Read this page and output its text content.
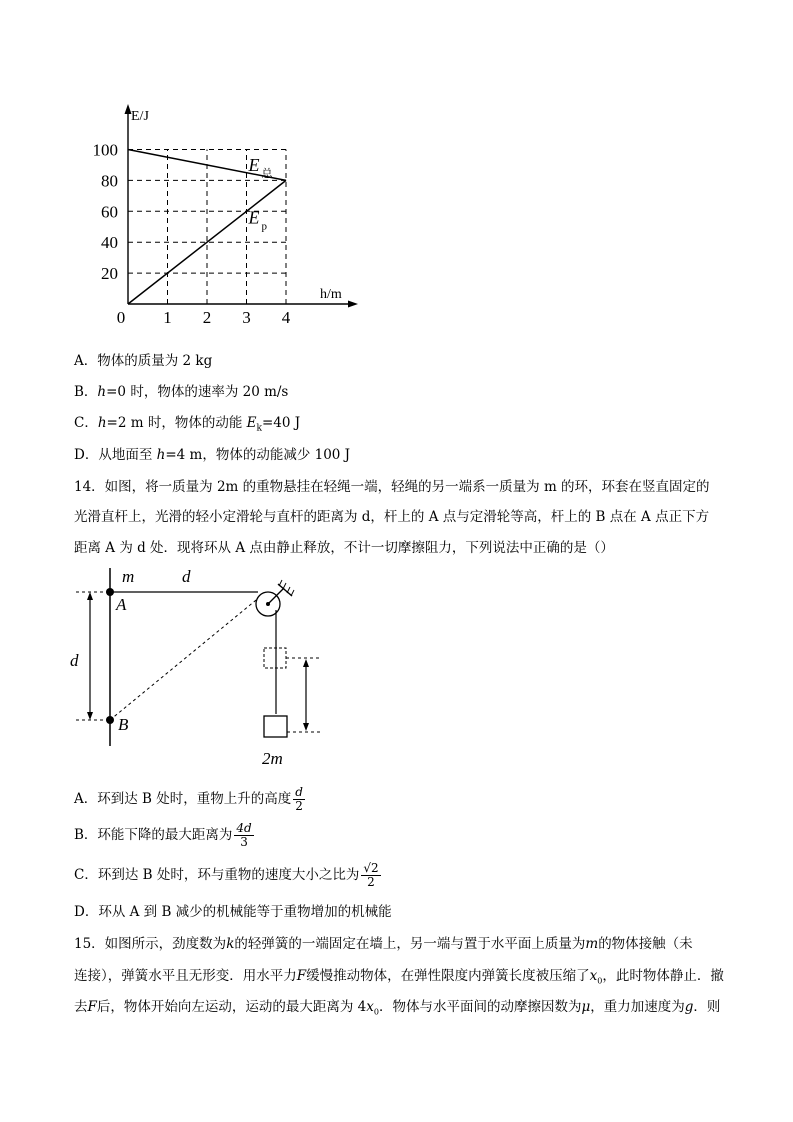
0 1 2 3 4
20
40
60
80
100
E/J
h/m
E 总
E p
A．物体的质量为 2 kg
B．h=0 时，物体的速率为 20 m/s
C．h=2 m 时，物体的动能 $E_k=40$ J
D．从地面至 h=4 m，物体的动能减少 100 J
14．如图，将一质量为 2m 的重物悬挂在轻绳一端，轻绳的另一端系一质量为 m 的环，环套在竖直固定的
光滑直杆上，光滑的轻小定滑轮与直杆的距离为 d，杆上的 A 点与定滑轮等高，杆上的 B 点在 A 点正下方
距离 A 为 d 处．现将环从 A 点由静止释放，不计一切摩擦阻力，下列说法中正确的是（）
m	d
A
B
d
2m
A．环到达 B 处时，重物上升的高度 $\frac{d}{2}$
B．环能下降的最大距离为 $\frac{4d}{3}$
C．环到达 B 处时，环与重物的速度大小之比为 $\frac{√2}{2}$
D．环从 A 到 B 减少的机械能等于重物增加的机械能
15．如图所示，劲度数为k的轻弹簧的一端固定在墙上，另一端与置于水平面上质量为m的物体接触（未
连接），弹簧水平且无形变．用水平力F缓慢推动物体，在弹性限度内弹簧长度被压缩了$x_0$，此时物体静止．撤
去F后，物体开始向左运动，运动的最大距离为 $4x_0$．物体与水平面间的动摩擦因数为μ，重力加速度为g．则
